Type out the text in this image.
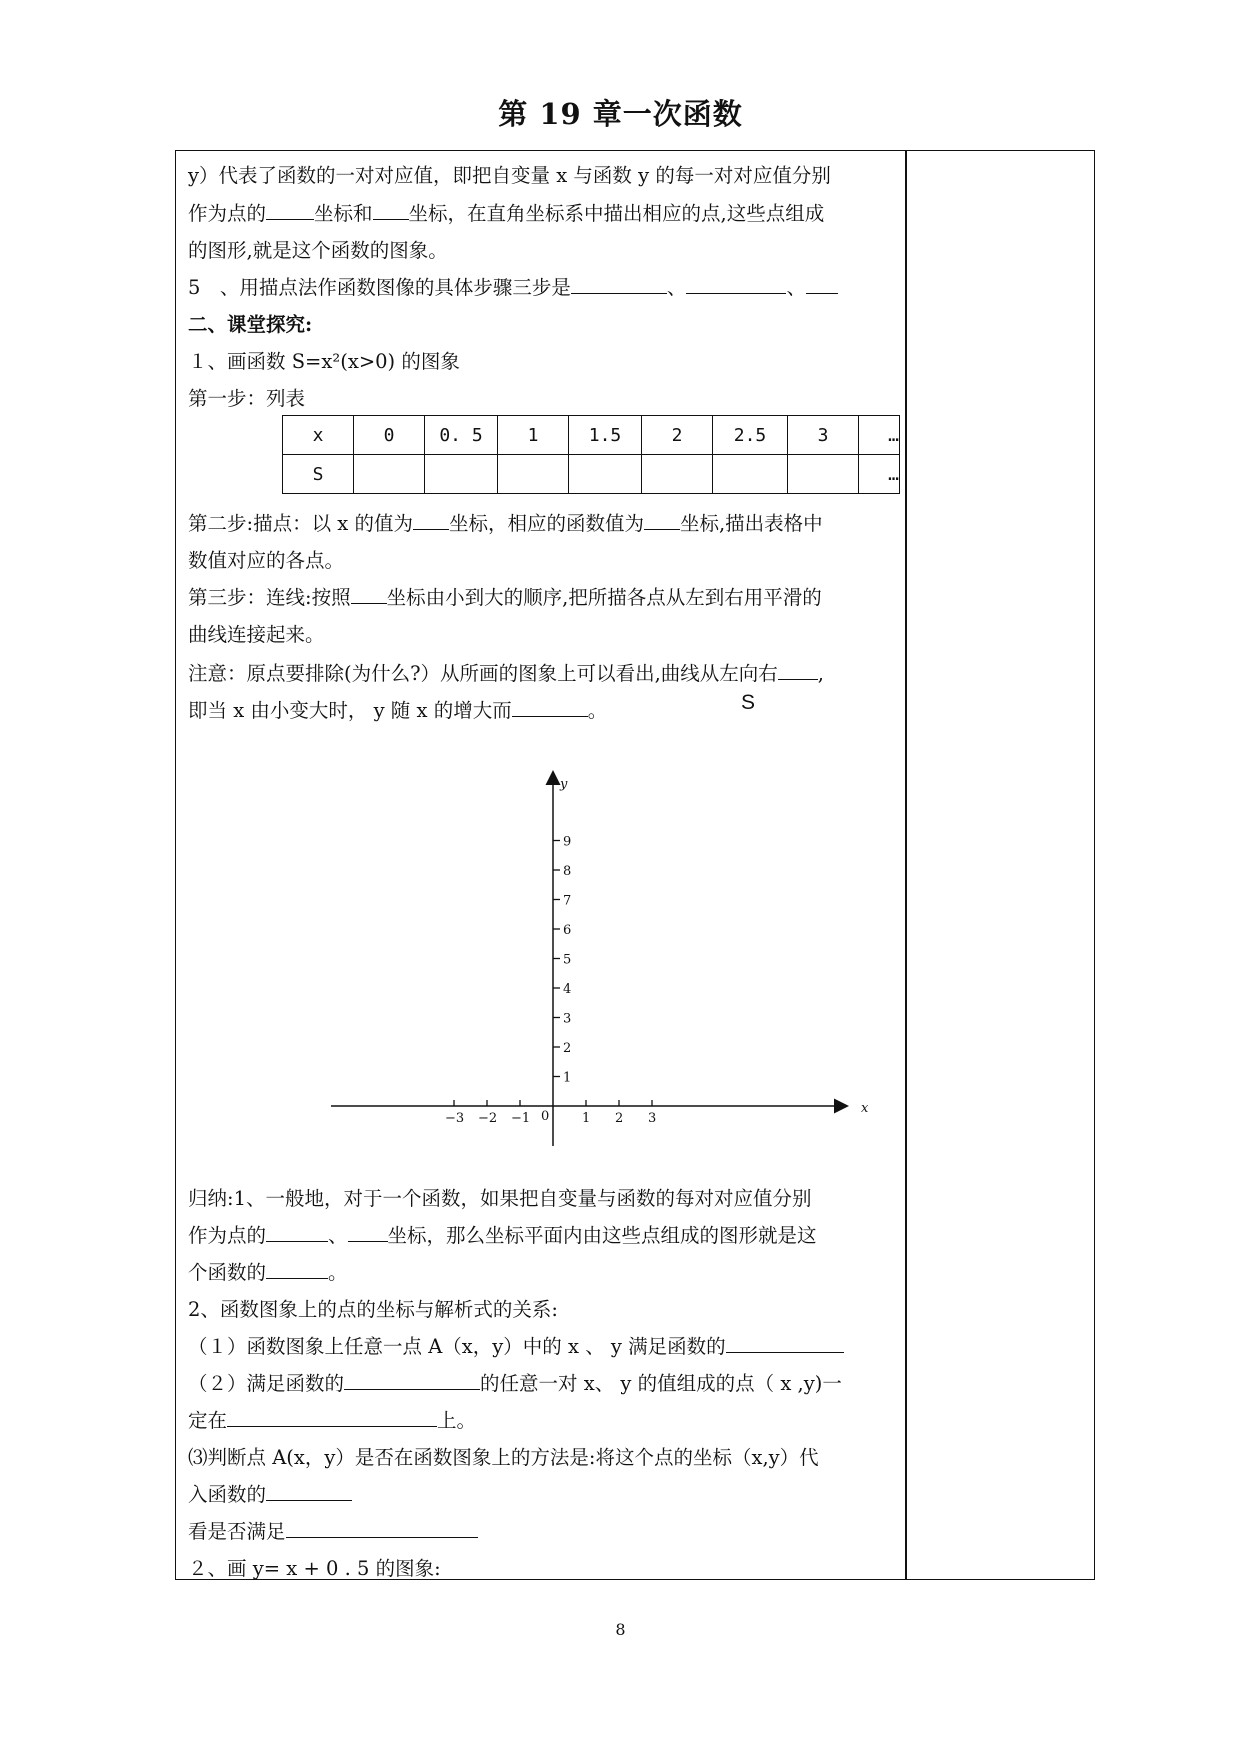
第 19 章一次函数
y）代表了函数的一对对应值，即把自变量 x 与函数 y 的每一对对应值分别
作为点的 坐标和 坐标，在直角坐标系中描出相应的点,这些点组成
的图形,就是这个函数的图象。
5　、用描点法作函数图像的具体步骤三步是	、	、
二、课堂探究:
１、画函数 S=x²(x>0) 的图象
第一步：列表
x	0	0. 5	1	1.5	2	2.5	3	…
S								…
第二步:描点：以 x 的值为 坐标，相应的函数值为 坐标,描出表格中
数值对应的各点。
第三步：连线:按照 坐标由小到大的顺序,把所描各点从左到右用平滑的
曲线连接起来。
注意：原点要排除(为什么?）从所画的图象上可以看出,曲线从左向右 ,
即当 x 由小变大时， y 随 x 的增大而	。	S
x
y
0
−3 −2 −1	1 2 3
1
2
3
4
5
6
7
8
9
归纳:1、一般地，对于一个函数，如果把自变量与函数的每对对应值分别
作为点的	、 坐标，那么坐标平面内由这些点组成的图形就是这
个函数的	。
2、函数图象上的点的坐标与解析式的关系:
（１）函数图象上任意一点 A（x，y）中的 x 、 y 满足函数的
（２）满足函数的	的任意一对 x、 y 的值组成的点（ x ,y)一
定在	上。
⑶判断点 A(x，y）是否在函数图象上的方法是:将这个点的坐标（x,y）代
入函数的
看是否满足
２、画 y= x + 0 . 5 的图象:
8
